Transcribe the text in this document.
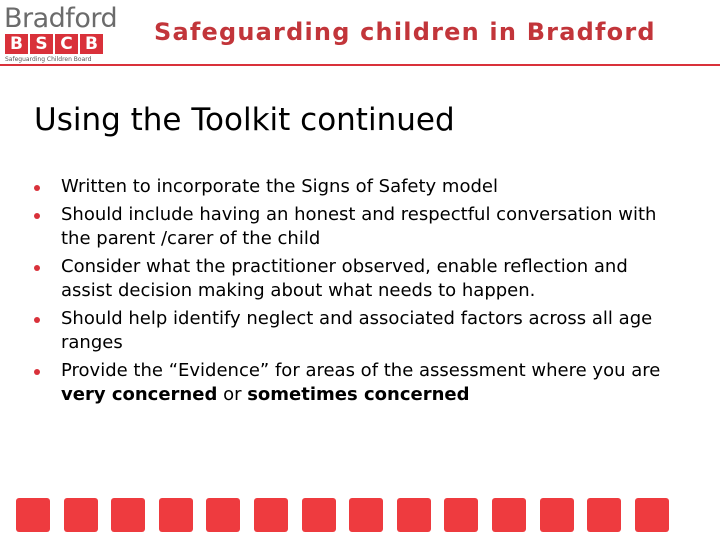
Bradford
B S C B
Safeguarding Children Board
Safeguarding children in Bradford
Using the Toolkit continued
Written to incorporate the Signs of Safety model
Should include having an honest and respectful conversation with the parent /carer of the child
Consider what the practitioner observed, enable reflection and assist decision making about what needs to happen.
Should help identify neglect and associated factors across all age ranges
Provide the “Evidence” for areas of the assessment where you are very concerned or sometimes concerned
